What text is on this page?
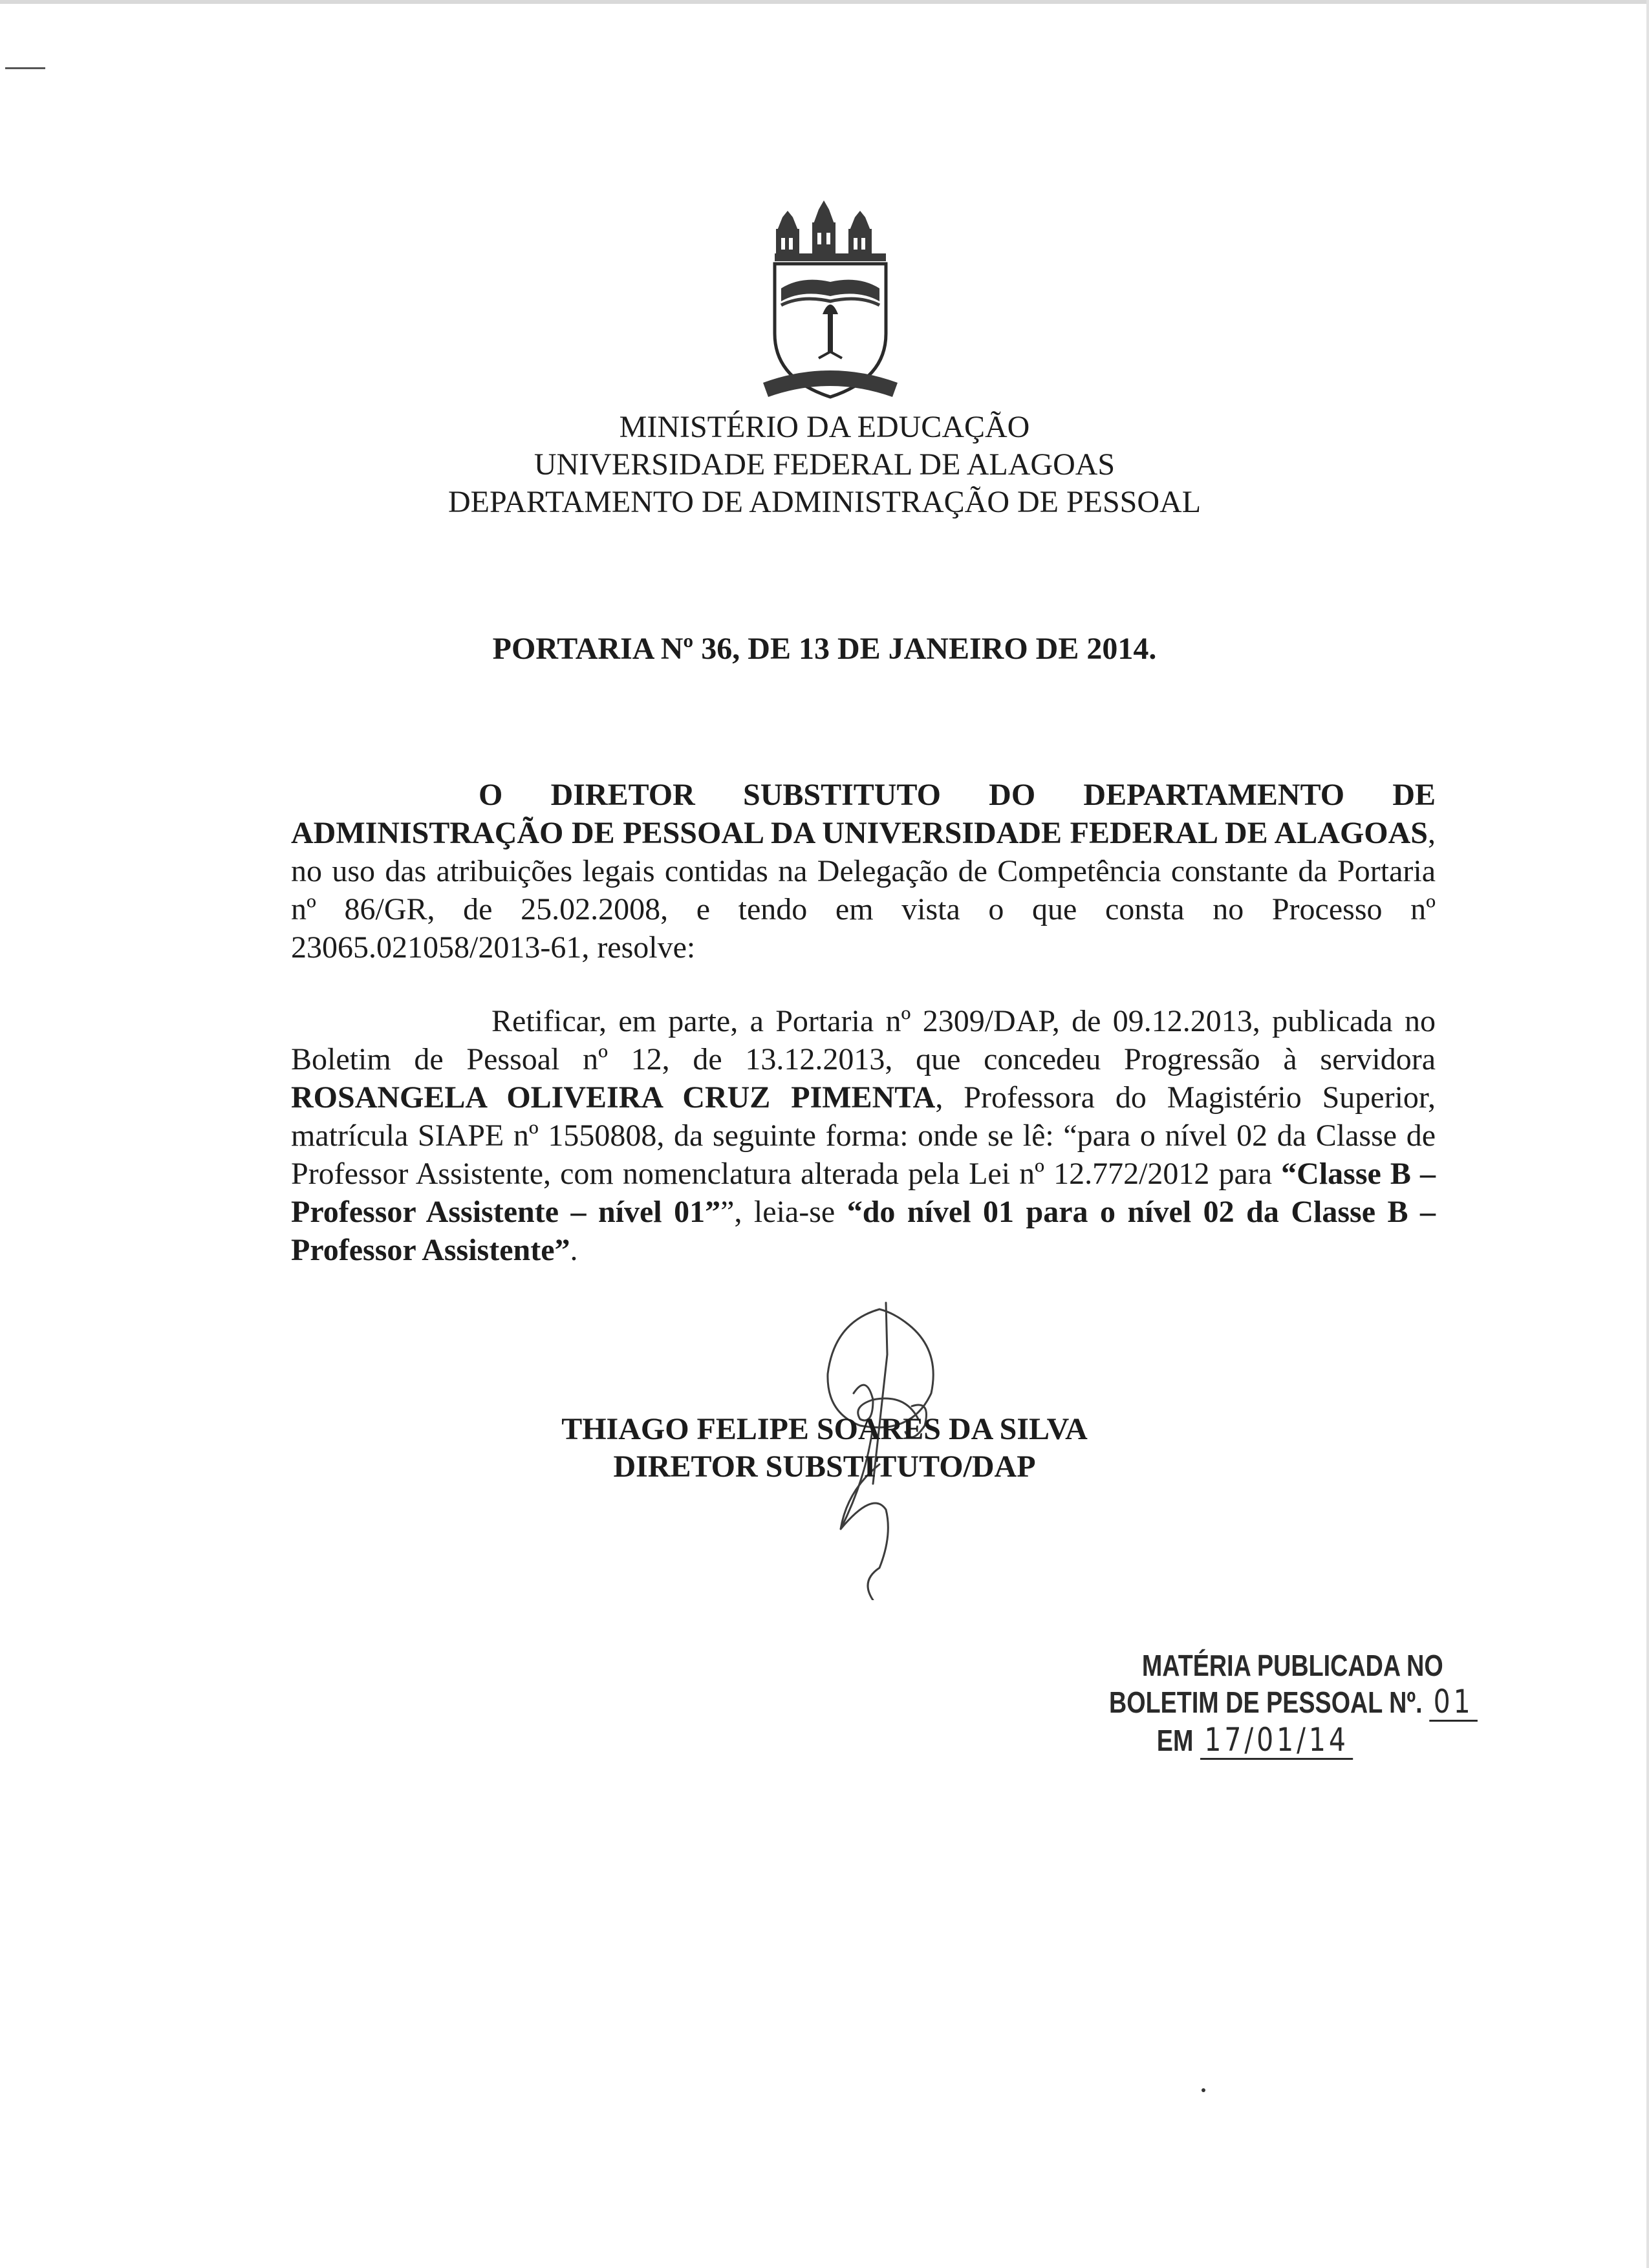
MINISTÉRIO DA EDUCAÇÃO
UNIVERSIDADE FEDERAL DE ALAGOAS
DEPARTAMENTO DE ADMINISTRAÇÃO DE PESSOAL
PORTARIA Nº 36, DE 13 DE JANEIRO DE 2014.
O DIRETOR SUBSTITUTO DO DEPARTAMENTO DE ADMINISTRAÇÃO DE PESSOAL DA UNIVERSIDADE FEDERAL DE ALAGOAS, no uso das atribuições legais contidas na Delegação de Competência constante da Portaria nº 86/GR, de 25.02.2008, e tendo em vista o que consta no Processo nº 23065.021058/2013-61, resolve:
Retificar, em parte, a Portaria nº 2309/DAP, de 09.12.2013, publicada no Boletim de Pessoal nº 12, de 13.12.2013, que concedeu Progressão à servidora ROSANGELA OLIVEIRA CRUZ PIMENTA, Professora do Magistério Superior, matrícula SIAPE nº 1550808, da seguinte forma: onde se lê: “para o nível 02 da Classe de Professor Assistente, com nomenclatura alterada pela Lei nº 12.772/2012 para “Classe B – Professor Assistente – nível 01””, leia-se “do nível 01 para o nível 02 da Classe B – Professor Assistente”.
THIAGO FELIPE SOARES DA SILVA
DIRETOR SUBSTITUTO/DAP
MATÉRIA PUBLICADA NO
BOLETIM DE PESSOAL Nº. 01
EM 17/01/14
